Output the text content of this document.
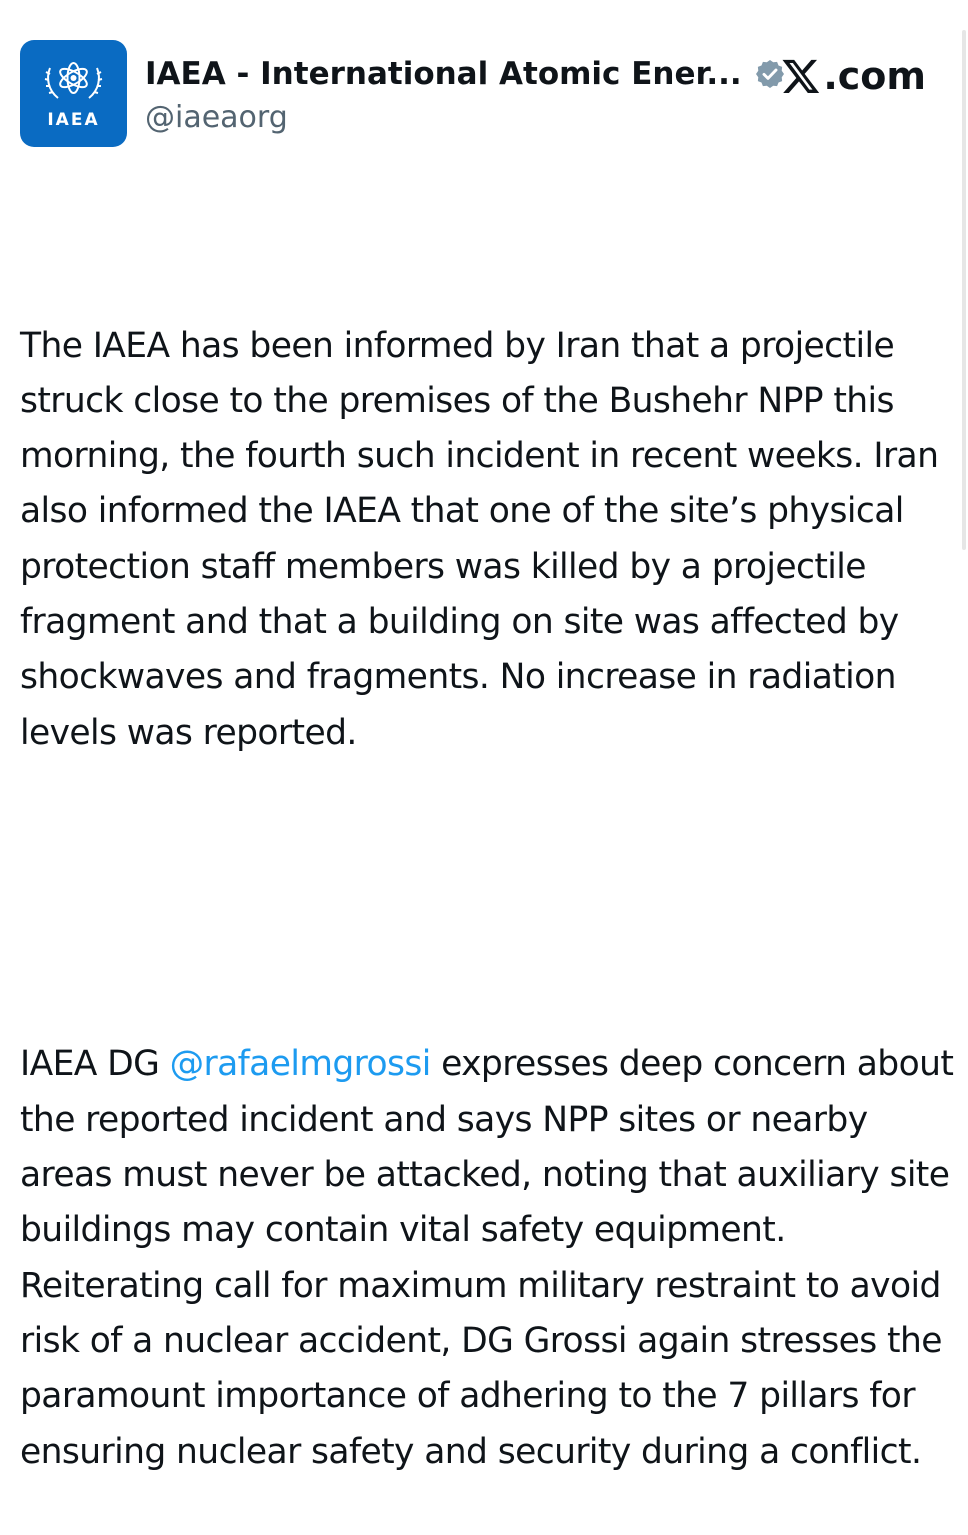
IAEA
IAEA - International Atomic Ener...
@iaeaorg
.com

The IAEA has been informed by Iran that a projectile struck close to the premises of the Bushehr NPP this morning, the fourth such incident in recent weeks. Iran also informed the IAEA that one of the site’s physical protection staff members was killed by a projectile fragment and that a building on site was affected by shockwaves and fragments. No increase in radiation levels was reported.

IAEA DG @rafaelmgrossi expresses deep concern about the reported incident and says NPP sites or nearby areas must never be attacked, noting that auxiliary site buildings may contain vital safety equipment. Reiterating call for maximum military restraint to avoid risk of a nuclear accident, DG Grossi again stresses the paramount importance of adhering to the 7 pillars for ensuring nuclear safety and security during a conflict.
